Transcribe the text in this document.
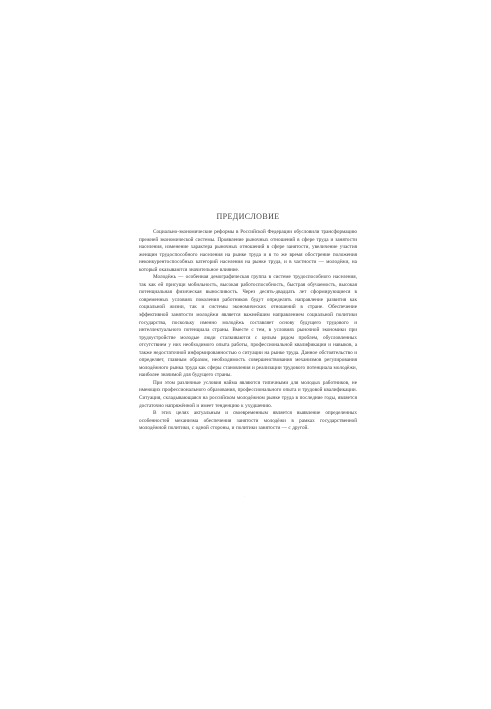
ПРЕДИСЛОВИЕ

Социально-экономические реформы в Российской Федерации обусловили трансформацию прежней экономической системы. Проявление рыночных отношений в сфере труда и занятости населения, изменение характера рыночных отношений в сфере занятости, увеличение участия женщин трудоспособного населения на рынке труда и в то же время обострение положения неконкурентоспособных категорий населения на рынке труда, и в частности — молодёжи, на который оказываются значительное влияние.

Молодёжь — особенная демографическая группа в системе трудоспособного населения, так как ей присущи мобильность, высокая работоспособность, быстрая обучаемость, высокая потенциальная физическая выносливость. Через десять-двадцать лет сформирующиеся в современных условиях поколения работников будут определять направление развития как социальной жизни, так и системы экономических отношений в стране. Обеспечение эффективной занятости молодёжи является важнейшим направлением социальной политики государства, поскольку именно молодёжь составляет основу будущего трудового и интеллектуального потенциала страны. Вместе с тем, в условиях рыночной экономики при трудоустройстве молодые люди сталкиваются с целым рядом проблем, обусловленных отсутствием у них необходимого опыта работы, профессиональной квалификации и навыков, а также недостаточной информированностью о ситуации на рынке труда. Данное обстоятельство и определяет, главным образом, необходимость совершенствования механизмов регулирования молодёжного рынка труда как сферы становления и реализации трудового потенциала молодёжи, наиболее значимой для будущего страны.

При этом различные условия найма являются типичными для молодых работников, не имеющих профессионального образования, профессионального опыта и трудовой квалификации. Ситуация, складывающаяся на российском молодёжном рынке труда в последние годы, является достаточно напряжённой и имеет тенденцию к ухудшению.

В этих целях актуальным и своевременным является выявление определенных особенностей механизма обеспечения занятости молодёжи в рамках государственной молодёжной политики, с одной стороны, и политики занятости — с другой.

·
